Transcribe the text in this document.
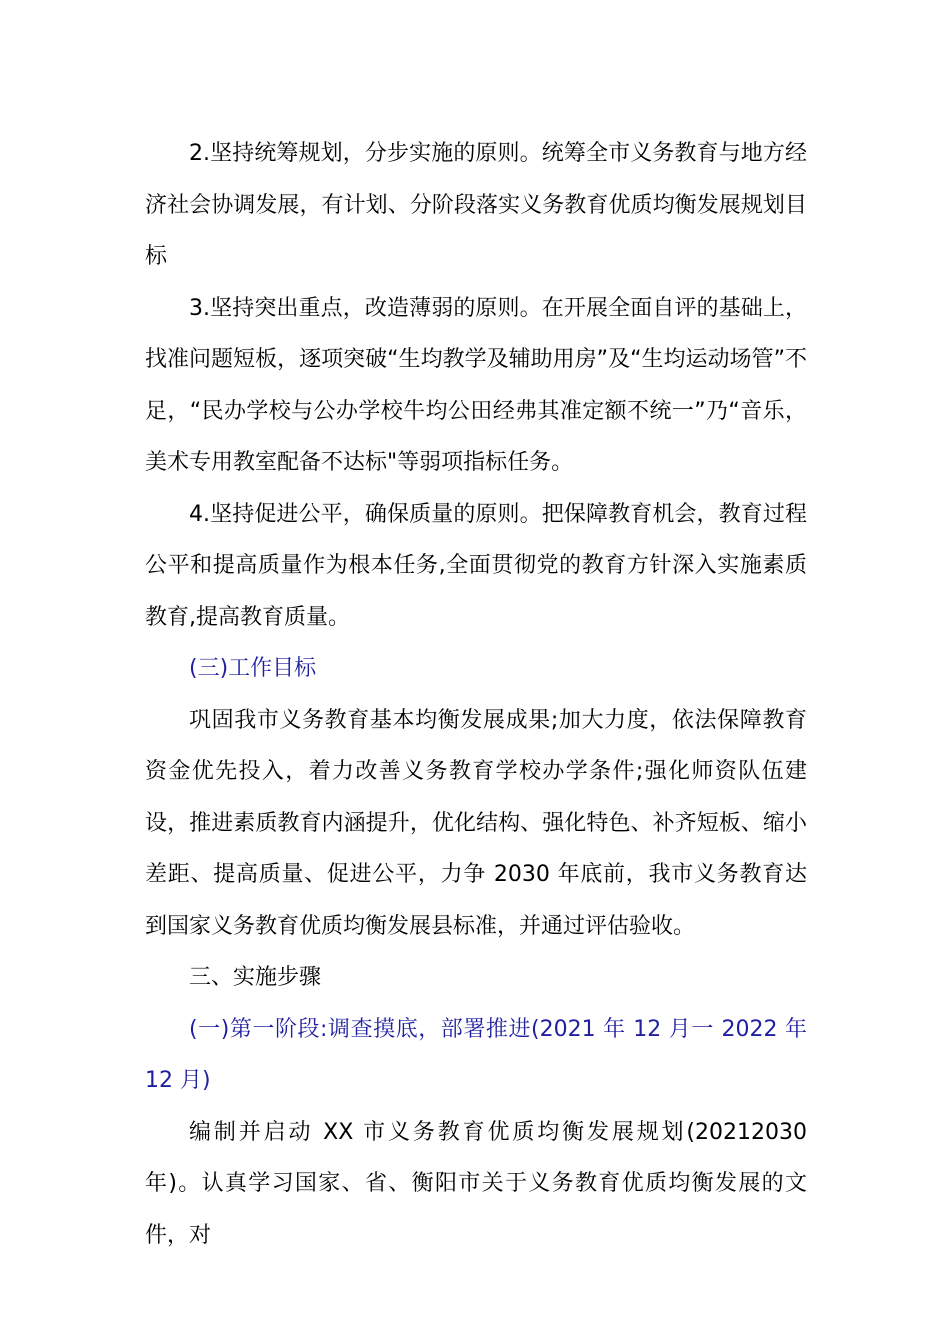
2.坚持统筹规划，分步实施的原则。统筹全市义务教育与地方经济社会协调发展，有计划、分阶段落实义务教育优质均衡发展规划目标

3.坚持突出重点，改造薄弱的原则。在开展全面自评的基础上，找准问题短板，逐项突破“生均教学及辅助用房”及“生均运动场管”不足，“民办学校与公办学校牛均公田经弗其准定额不统一”乃“音乐，美术专用教室配备不达标"等弱项指标任务。

4.坚持促进公平，确保质量的原则。把保障教育机会，教育过程公平和提高质量作为根本任务,全面贯彻党的教育方针深入实施素质教育,提高教育质量。

(三)工作目标

巩固我市义务教育基本均衡发展成果;加大力度，依法保障教育资金优先投入，着力改善义务教育学校办学条件;强化师资队伍建设，推进素质教育内涵提升，优化结构、强化特色、补齐短板、缩小差距、提高质量、促进公平，力争 2030 年底前，我市义务教育达到国家义务教育优质均衡发展县标准，并通过评估验收。

三、实施步骤

(一)第一阶段:调查摸底，部署推进(2021 年 12 月一 2022 年12 月)

编制并启动 XX 市义务教育优质均衡发展规划(20212030 年)。认真学习国家、省、衡阳市关于义务教育优质均衡发展的文件，对
